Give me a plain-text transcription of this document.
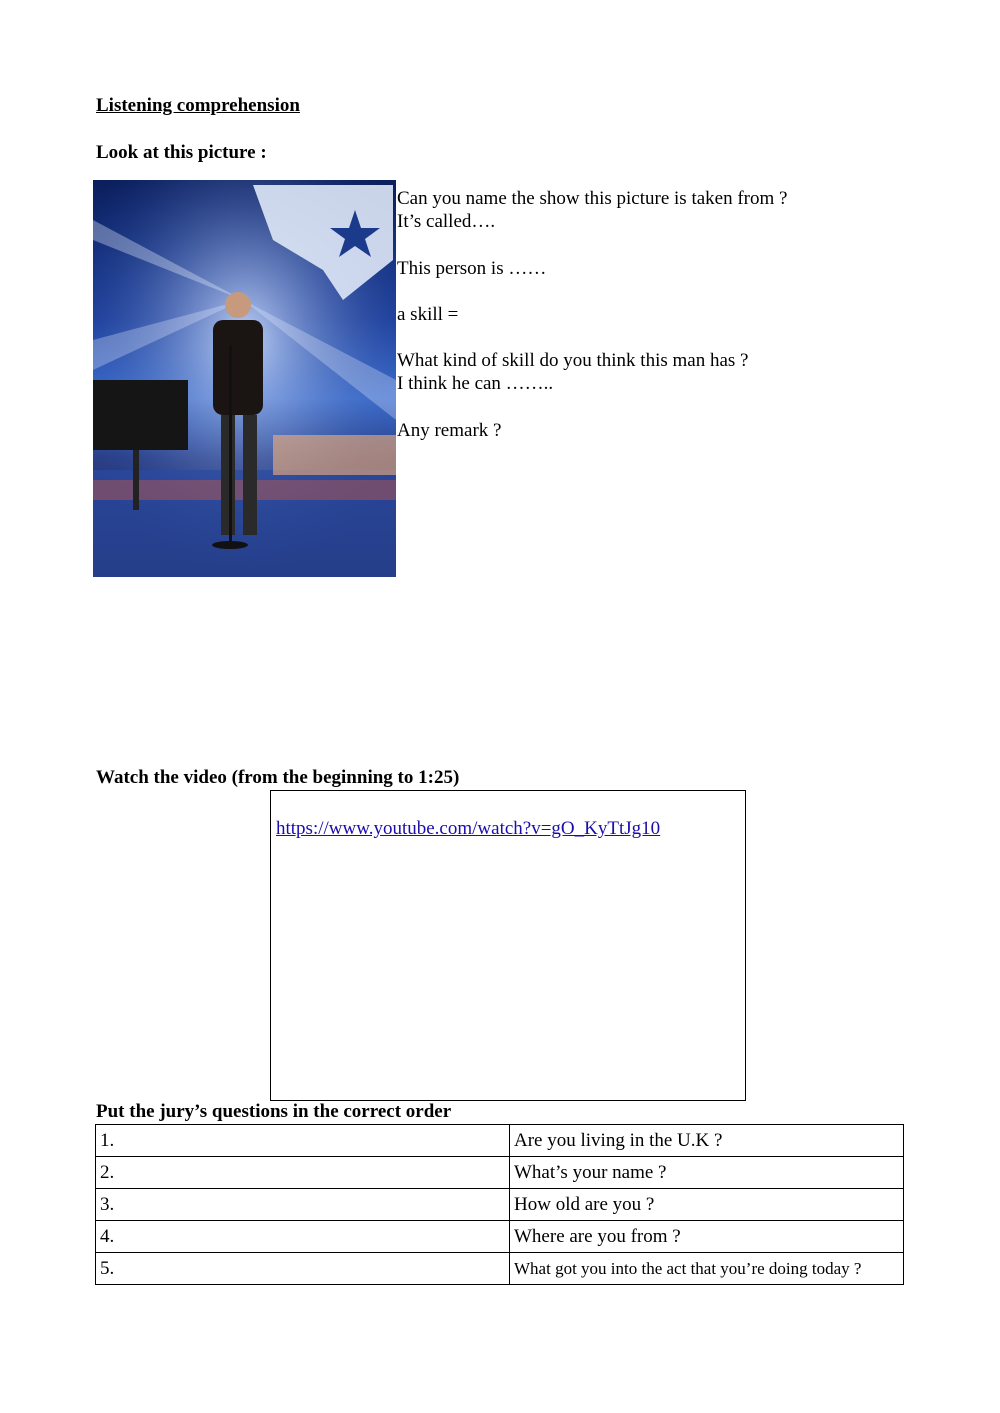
Listening comprehension
Look at this picture :
Can you name the show this picture is taken from ?
It’s called….
This person is ……
a skill =
What kind of skill do you think this man has ?
I think he can ……..
Any remark ?
Watch the video (from the beginning to 1:25)
https://www.youtube.com/watch?v=gO_KyTtJg10
Put the jury’s questions in the correct order
1.	Are you living in the U.K ?
2.	What’s your name ?
3.	How old are you ?
4.	Where are you from ?
5.	What got you into the act that you’re doing today ?
